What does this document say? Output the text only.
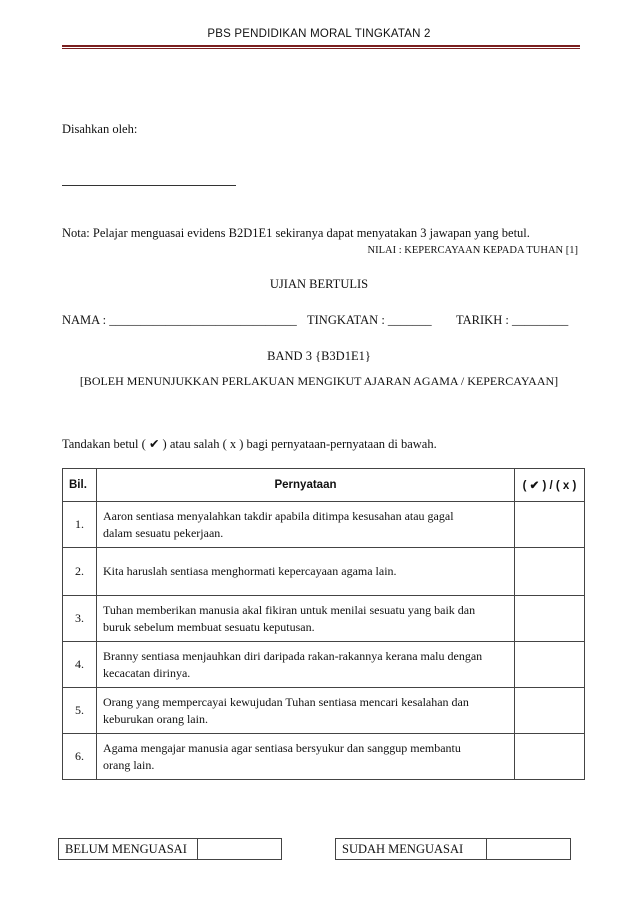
PBS PENDIDIKAN MORAL TINGKATAN 2
Disahkan oleh:
Nota: Pelajar menguasai evidens B2D1E1 sekiranya dapat menyatakan 3 jawapan yang betul.
NILAI : KEPERCAYAAN KEPADA TUHAN [1]
UJIAN BERTULIS
NAMA : ______________________________ TINGKATAN : _______ TARIKH : _________
BAND 3 {B3D1E1}
[BOLEH MENUNJUKKAN PERLAKUAN MENGIKUT AJARAN AGAMA / KEPERCAYAAN]
Tandakan betul ( ✔ ) atau salah ( x ) bagi pernyataan-pernyataan di bawah.
Bil.	Pernyataan	( ✔ ) / ( x )
1.	Aaron sentiasa menyalahkan takdir apabila ditimpa kesusahan atau gagal
dalam sesuatu pekerjaan.	
2.	Kita haruslah sentiasa menghormati kepercayaan agama lain.	
3.	Tuhan memberikan manusia akal fikiran untuk menilai sesuatu yang baik dan
buruk sebelum membuat sesuatu keputusan.	
4.	Branny sentiasa menjauhkan diri daripada rakan-rakannya kerana malu dengan
kecacatan dirinya.	
5.	Orang yang mempercayai kewujudan Tuhan sentiasa mencari kesalahan dan
keburukan orang lain.	
6.	Agama mengajar manusia agar sentiasa bersyukur dan sanggup membantu
orang lain.	
BELUM MENGUASAI	SUDAH MENGUASAI
